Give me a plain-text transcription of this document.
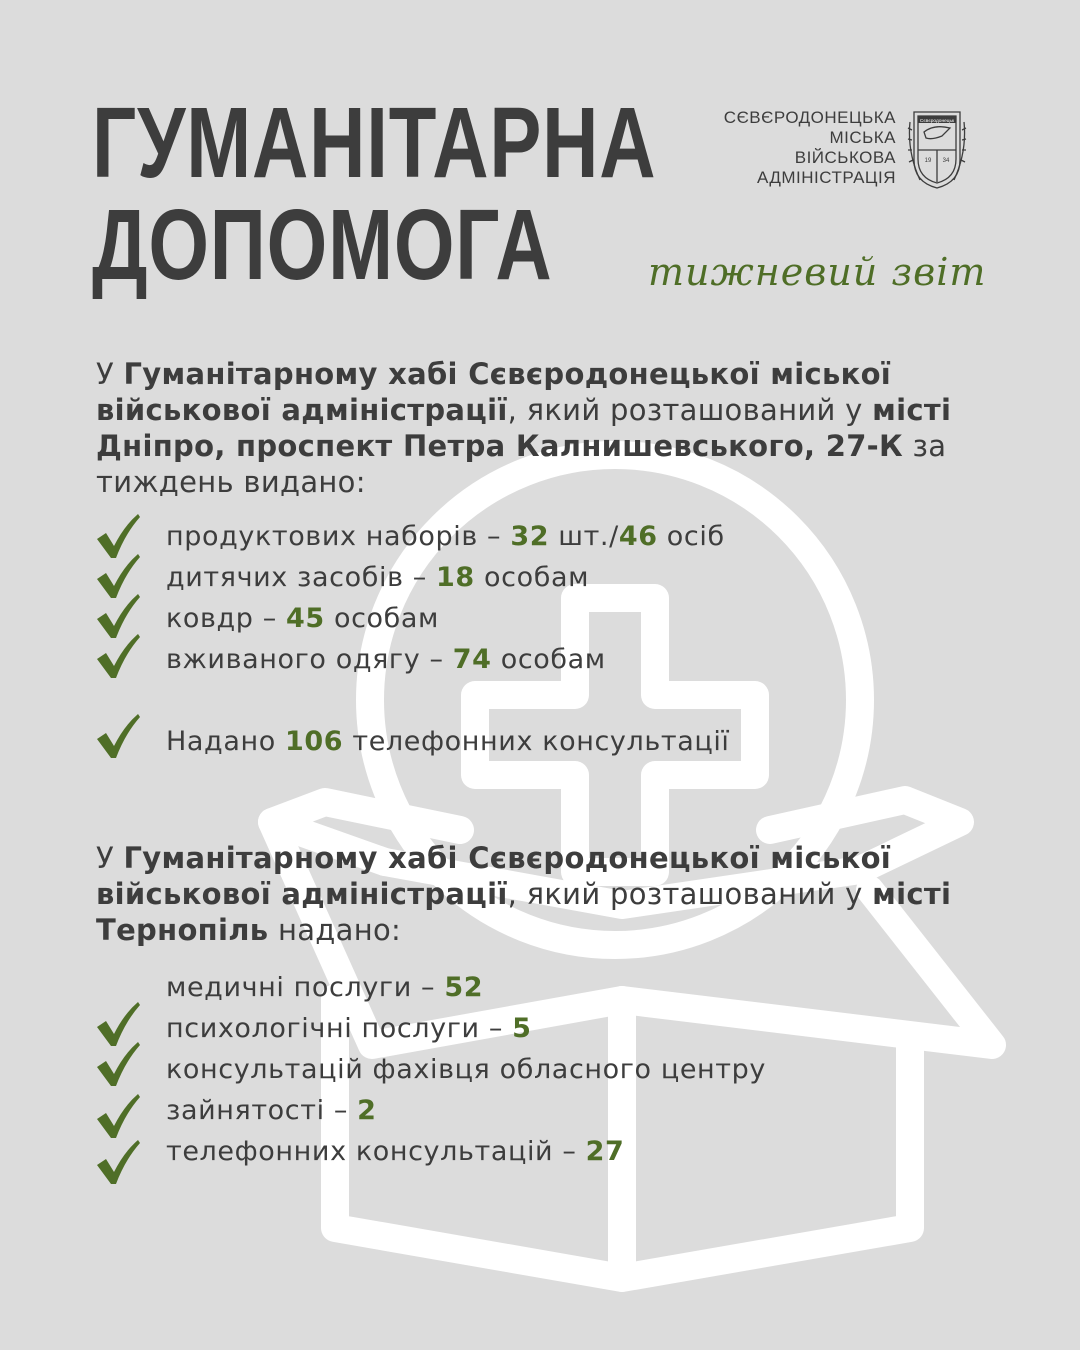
ГУМАНІТАРНА
ДОПОМОГА
СЄВЄРОДОНЕЦЬКА
МІСЬКА
ВІЙСЬКОВА
АДМІНІСТРАЦІЯ
Сєвєродонецьк
19 34
тижневий звіт

У Гуманітарному хабі Сєвєродонецької міської військової адміністрації, який розташований у місті Дніпро, проспект Петра Калнишевського, 27-К за тиждень видано:

продуктових наборів – 32 шт./46 осіб
дитячих засобів – 18 особам
ковдр – 45 особам
вживаного одягу – 74 особам
Надано 106 телефонних консультації

У Гуманітарному хабі Сєвєродонецької міської військової адміністрації, який розташований у місті Тернопіль надано:

медичні послуги – 52
психологічні послуги – 5
консультацій фахівця обласного центру
зайнятості – 2
телефонних консультацій – 27
